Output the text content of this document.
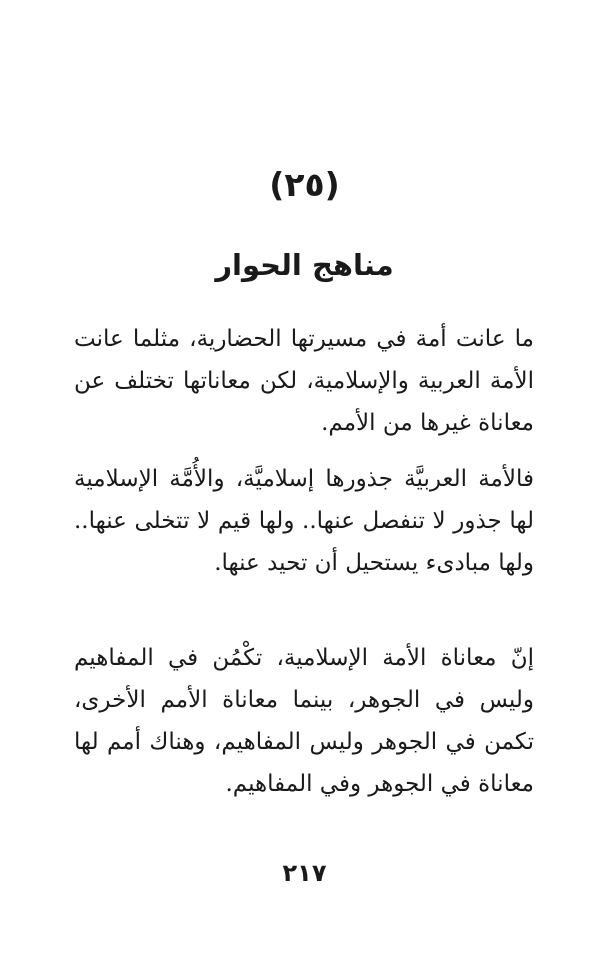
(٢٥)
مناهج الحوار

ما عانت أمة في مسيرتها الحضارية، مثلما عانت الأمة العربية والإسلامية، لكن معاناتها تختلف عن معاناة غيرها من الأمم.

فالأمة العربيَّة جذورها إسلاميَّة، والأُمَّة الإسلامية لها جذور لا تنفصل عنها.. ولها قيم لا تتخلى عنها.. ولها مبادىء يستحيل أن تحيد عنها.

إنّ معاناة الأمة الإسلامية، تكْمُن في المفاهيم وليس في الجوهر، بينما معاناة الأمم الأخرى، تكمن في الجوهر وليس المفاهيم، وهناك أمم لها معاناة في الجوهر وفي المفاهيم.

٢١٧
